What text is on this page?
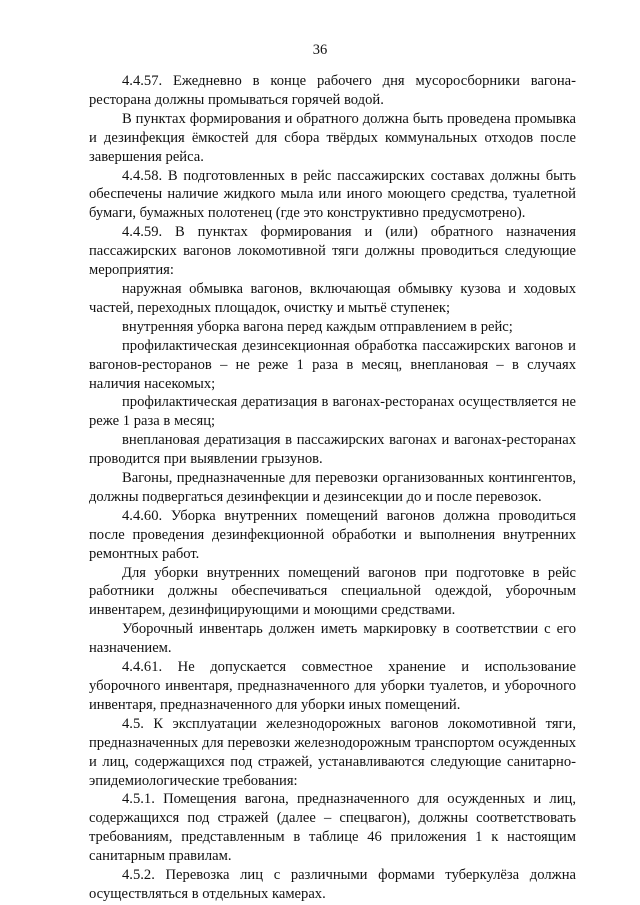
36

4.4.57. Ежедневно в конце рабочего дня мусоросборники вагона-ресторана должны промываться горячей водой.

В пунктах формирования и обратного должна быть проведена промывка и дезинфекция ёмкостей для сбора твёрдых коммунальных отходов после завершения рейса.

4.4.58. В подготовленных в рейс пассажирских составах должны быть обеспечены наличие жидкого мыла или иного моющего средства, туалетной бумаги, бумажных полотенец (где это конструктивно предусмотрено).

4.4.59. В пунктах формирования и (или) обратного назначения пассажирских вагонов локомотивной тяги должны проводиться следующие мероприятия:

наружная обмывка вагонов, включающая обмывку кузова и ходовых частей, переходных площадок, очистку и мытьё ступенек;

внутренняя уборка вагона перед каждым отправлением в рейс;

профилактическая дезинсекционная обработка пассажирских вагонов и вагонов-ресторанов – не реже 1 раза в месяц, внеплановая – в случаях наличия насекомых;

профилактическая дератизация в вагонах-ресторанах осуществляется не реже 1 раза в месяц;

внеплановая дератизация в пассажирских вагонах и вагонах-ресторанах проводится при выявлении грызунов.

Вагоны, предназначенные для перевозки организованных контингентов, должны подвергаться дезинфекции и дезинсекции до и после перевозок.

4.4.60. Уборка внутренних помещений вагонов должна проводиться после проведения дезинфекционной обработки и выполнения внутренних ремонтных работ.

Для уборки внутренних помещений вагонов при подготовке в рейс работники должны обеспечиваться специальной одеждой, уборочным инвентарем, дезинфицирующими и моющими средствами.

Уборочный инвентарь должен иметь маркировку в соответствии с его назначением.

4.4.61. Не допускается совместное хранение и использование уборочного инвентаря, предназначенного для уборки туалетов, и уборочного инвентаря, предназначенного для уборки иных помещений.

4.5. К эксплуатации железнодорожных вагонов локомотивной тяги, предназначенных для перевозки железнодорожным транспортом осужденных и лиц, содержащихся под стражей, устанавливаются следующие санитарно-эпидемиологические требования:

4.5.1. Помещения вагона, предназначенного для осужденных и лиц, содержащихся под стражей (далее – спецвагон), должны соответствовать требованиям, представленным в таблице 46 приложения 1 к настоящим санитарным правилам.

4.5.2. Перевозка лиц с различными формами туберкулёза должна осуществляться в отдельных камерах.
